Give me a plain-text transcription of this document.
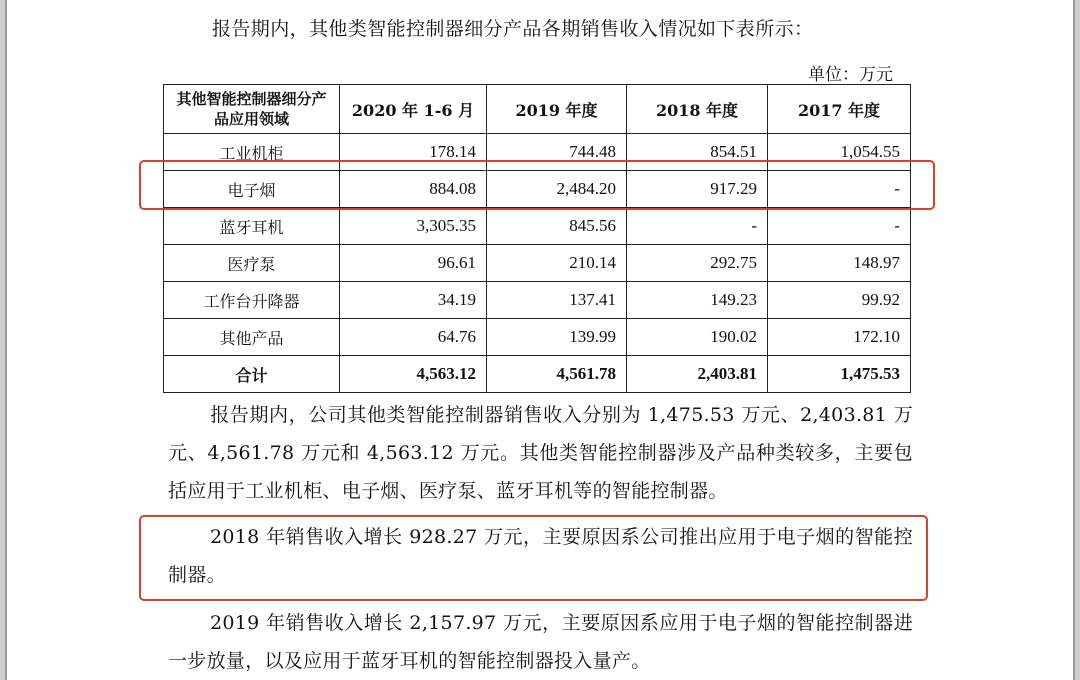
报告期内，其他类智能控制器细分产品各期销售收入情况如下表所示：
单位：万元
其他智能控制器细分产品应用领域	2020 年 1-6 月	2019 年度	2018 年度	2017 年度
工业机柜	178.14	744.48	854.51	1,054.55
电子烟	884.08	2,484.20	917.29	-
蓝牙耳机	3,305.35	845.56	-	-
医疗泵	96.61	210.14	292.75	148.97
工作台升降器	34.19	137.41	149.23	99.92
其他产品	64.76	139.99	190.02	172.10
合计	4,563.12	4,561.78	2,403.81	1,475.53
报告期内，公司其他类智能控制器销售收入分别为 1,475.53 万元、2,403.81 万元、4,561.78 万元和 4,563.12 万元。其他类智能控制器涉及产品种类较多，主要包括应用于工业机柜、电子烟、医疗泵、蓝牙耳机等的智能控制器。
2018 年销售收入增长 928.27 万元，主要原因系公司推出应用于电子烟的智能控制器。
2019 年销售收入增长 2,157.97 万元，主要原因系应用于电子烟的智能控制器进一步放量，以及应用于蓝牙耳机的智能控制器投入量产。
